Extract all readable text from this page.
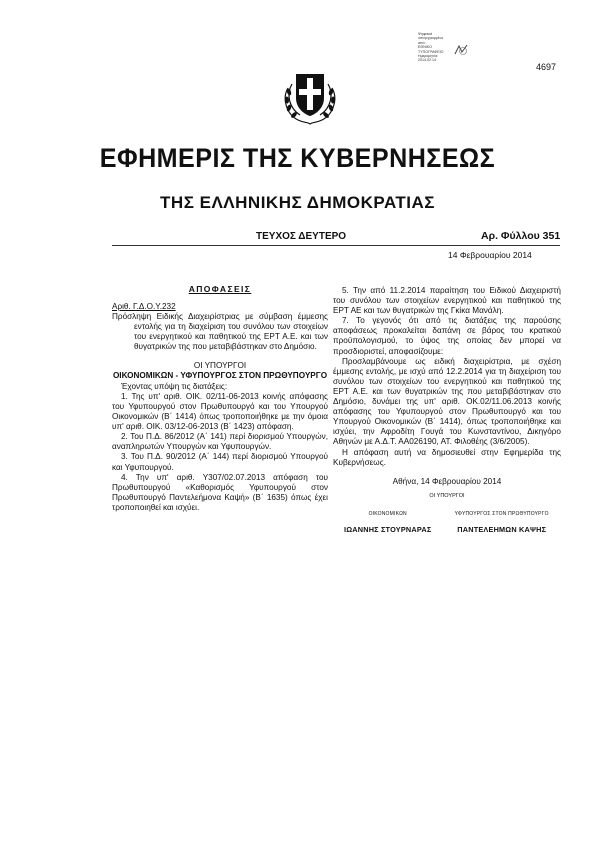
Ψηφιακά
υπογεγραμμένο
από:
ΕΘΝΙΚΟ
ΤΥΠΟΓΡΑΦΕΙΟ
Ημερομηνία:
2014.02.14
4697
ΕΦΗΜΕΡΙΣ ΤΗΣ ΚΥΒΕΡΝΗΣΕΩΣ
ΤΗΣ ΕΛΛΗΝΙΚΗΣ ΔΗΜΟΚΡΑΤΙΑΣ
ΤΕΥΧΟΣ ΔΕΥΤΕΡΟ	Αρ. Φύλλου 351
14 Φεβρουαρίου 2014

ΑΠΟΦΑΣΕΙΣ

Αριθ. Γ.Δ.Ο.Υ.232

Πρόσληψη Ειδικής Διαχειρίστριας με σύμβαση έμμεσης εντολής για τη διαχείριση του συνόλου των στοιχείων του ενεργητικού και παθητικού της ΕΡΤ Α.Ε. και των θυγατρικών της που μεταβιβάστηκαν στο Δημόσιο.

ΟΙ ΥΠΟΥΡΓΟΙ

ΟΙΚΟΝΟΜΙΚΩΝ - ΥΦΥΠΟΥΡΓΟΣ ΣΤΟΝ ΠΡΩΘΥΠΟΥΡΓΟ

Έχοντας υπόψη τις διατάξεις:

1. Της υπ' αριθ. ΟΙΚ. 02/11-06-2013 κοινής απόφασης του Υφυπουργού στον Πρωθυπουργό και του Υπουργού Οικονομικών (Β΄ 1414) όπως τροποποιήθηκε με την όμοια υπ' αριθ. ΟΙΚ. 03/12-06-2013 (Β΄ 1423) απόφαση.

2. Του Π.Δ. 86/2012 (Α΄ 141) περί διορισμού Υπουργών, αναπληρωτών Υπουργών και Υφυπουργών.

3. Του Π.Δ. 90/2012 (Α΄ 144) περί διορισμού Υπουργού και Υφυπουργού.

4. Την υπ' αριθ. Υ307/02.07.2013 απόφαση του Πρωθυπουργού «Καθορισμός Υφυπουργού στον Πρωθυπουργό Παντελεήμονα Καψή» (Β΄ 1635) όπως έχει τροποποιηθεί και ισχύει.

5. Την από 11.2.2014 παραίτηση του Ειδικού Διαχειριστή του συνόλου των στοιχείων ενεργητικού και παθητικού της ΕΡΤ ΑΕ και των θυγατρικών της Γκίκα Μανάλη.

7. Το γεγονός ότι από τις διατάξεις της παρούσης αποφάσεως προκαλείται δαπάνη σε βάρος του κρατικού προϋπολογισμού, το ύψος της οποίας δεν μπορεί να προσδιοριστεί, αποφασίζουμε:

Προσλαμβάνουμε ως ειδική διαχειρίστρια, με σχέση έμμεσης εντολής, με ισχύ από 12.2.2014 για τη διαχείριση του συνόλου των στοιχείων του ενεργητικού και παθητικού της ΕΡΤ Α.Ε. και των θυγατρικών της που μεταβιβάστηκαν στο Δημόσιο, δυνάμει της υπ' αριθ. ΟΚ.02/11.06.2013 κοινής απόφασης του Υφυπουργού στον Πρωθυπουργό και του Υπουργού Οικονομικών (Β΄ 1414), όπως τροποποιήθηκε και ισχύει, την Αφροδίτη Γουγά του Κωνσταντίνου, Δικηγόρο Αθηνών με Α.Δ.Τ. ΑΑ026190, ΑΤ. Φιλοθέης (3/6/2005).

Η απόφαση αυτή να δημοσιευθεί στην Εφημερίδα της Κυβερνήσεως.

Αθήνα, 14 Φεβρουαρίου 2014

ΟΙ ΥΠΟΥΡΓΟΙ

ΟΙΚΟΝΟΜΙΚΩΝ	ΥΦΥΠΟΥΡΓΟΣ ΣΤΟΝ ΠΡΩΘΥΠΟΥΡΓΟ
ΙΩΑΝΝΗΣ ΣΤΟΥΡΝΑΡΑΣ	ΠΑΝΤΕΛΕΗΜΩΝ ΚΑΨΗΣ
